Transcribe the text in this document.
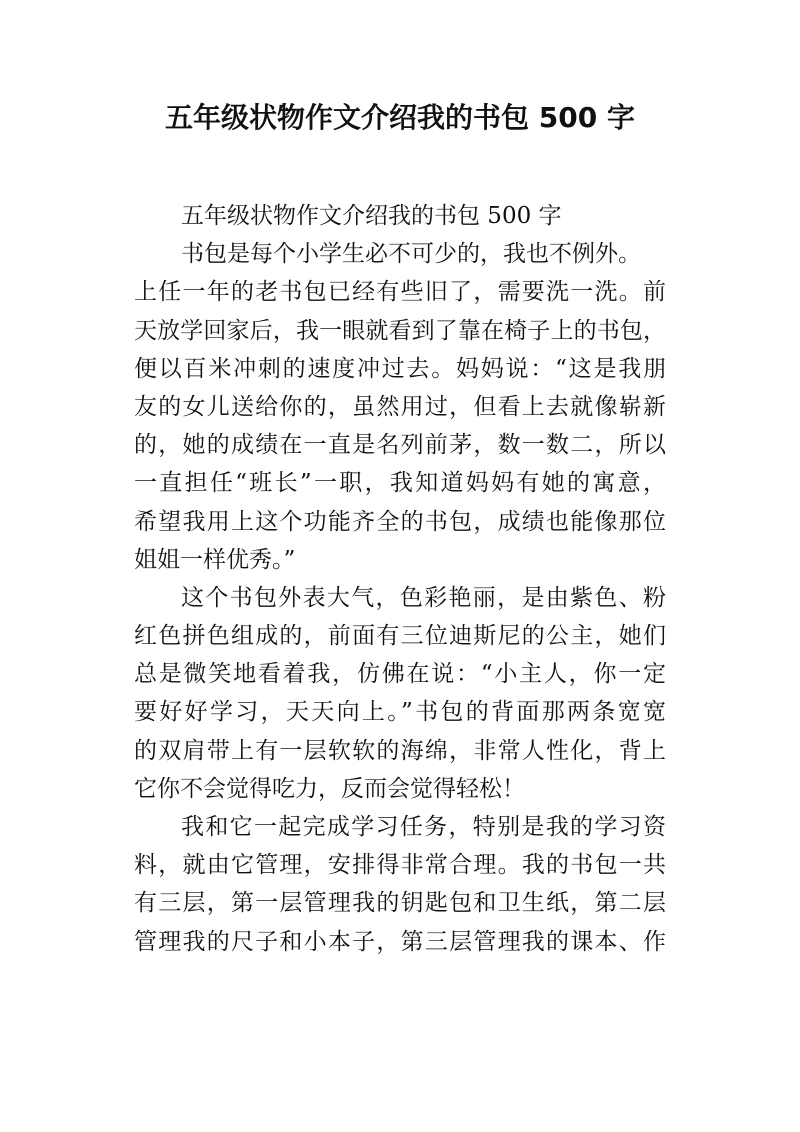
五年级状物作文介绍我的书包 500 字
五年级状物作文介绍我的书包 500 字
书包是每个小学生必不可少的，我也不例外。
上任一年的老书包已经有些旧了，需要洗一洗。前
天放学回家后，我一眼就看到了靠在椅子上的书包，
便以百米冲刺的速度冲过去。妈妈说：“这是我朋
友的女儿送给你的，虽然用过，但看上去就像崭新
的，她的成绩在一直是名列前茅，数一数二，所以
一直担任“班长”一职，我知道妈妈有她的寓意，
希望我用上这个功能齐全的书包，成绩也能像那位
姐姐一样优秀。”
这个书包外表大气，色彩艳丽，是由紫色、粉
红色拼色组成的，前面有三位迪斯尼的公主，她们
总是微笑地看着我，仿佛在说：“小主人，你一定
要好好学习，天天向上。”书包的背面那两条宽宽
的双肩带上有一层软软的海绵，非常人性化，背上
它你不会觉得吃力，反而会觉得轻松！
我和它一起完成学习任务，特别是我的学习资
料，就由它管理，安排得非常合理。我的书包一共
有三层，第一层管理我的钥匙包和卫生纸，第二层
管理我的尺子和小本子，第三层管理我的课本、作
